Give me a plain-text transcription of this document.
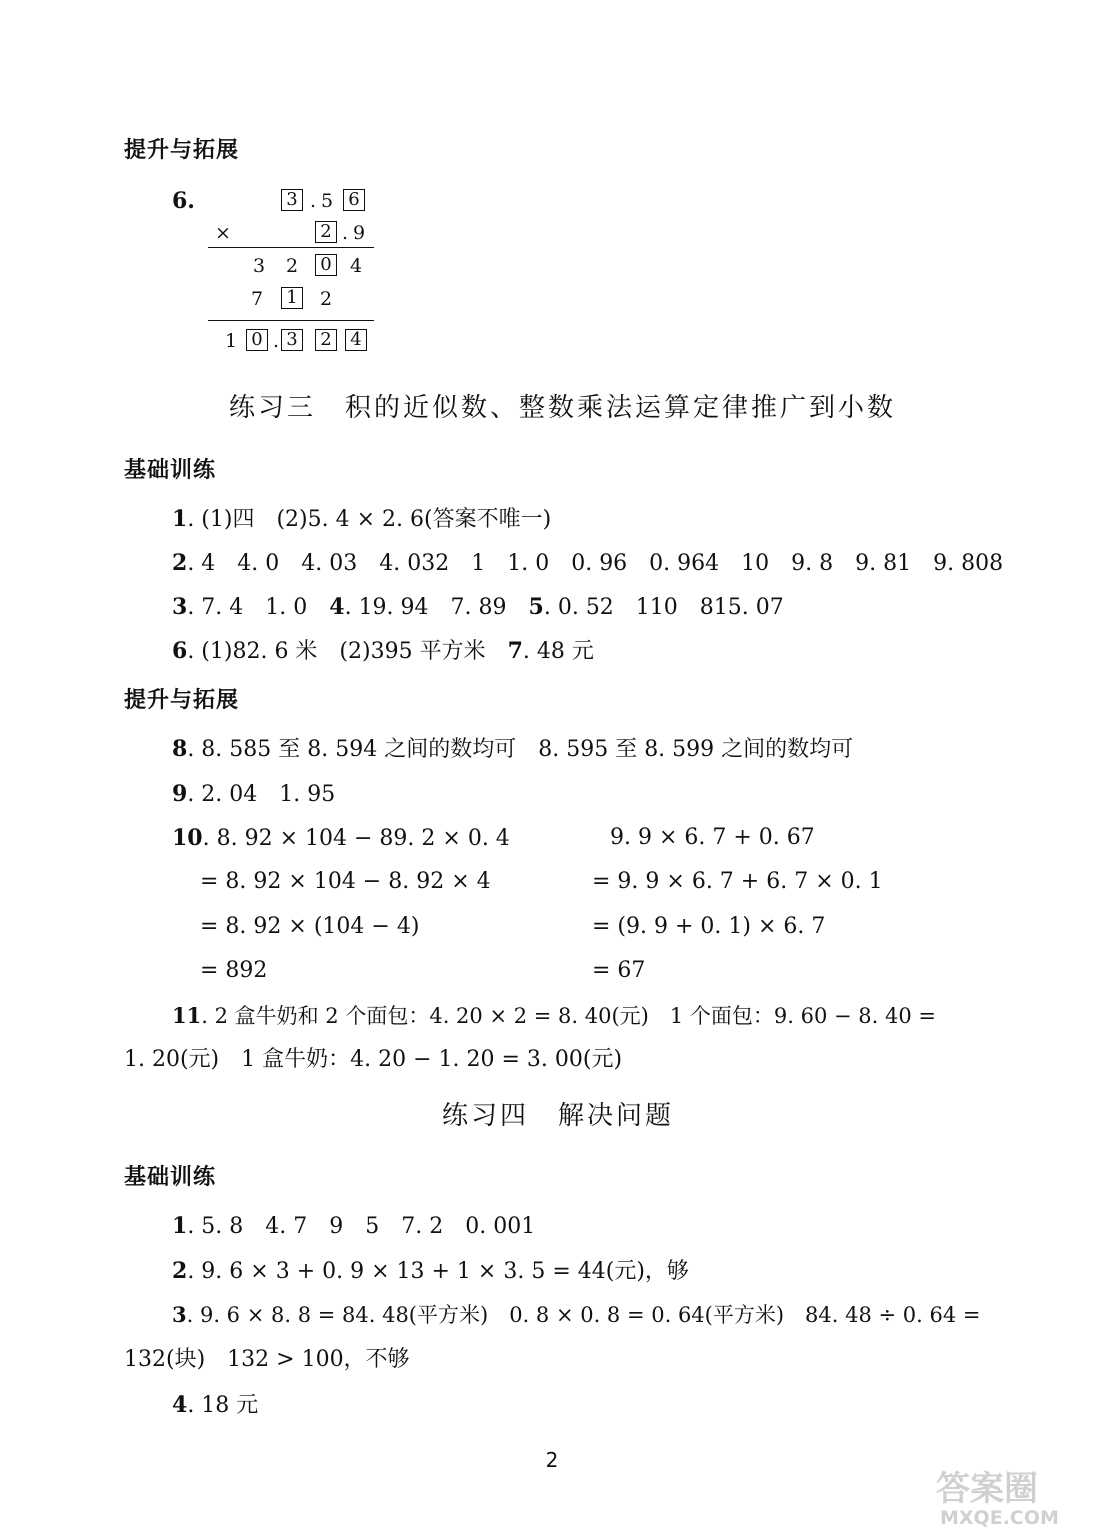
提升与拓展
6.	3 . 5 6
×	2 . 9
3 2 0 4
7 1 2
1 0 . 3 2 4
练习三　积的近似数、整数乘法运算定律推广到小数
基础训练
1. (1)四　(2)5. 4 × 2. 6(答案不唯一)
2. 4　4. 0　4. 03　4. 032　1　1. 0　0. 96　0. 964　10　9. 8　9. 81　9. 808
3. 7. 4　1. 0　4. 19. 94　7. 89　5. 0. 52　110　815. 07
6. (1)82. 6 米　(2)395 平方米　7. 48 元
提升与拓展
8. 8. 585 至 8. 594 之间的数均可　8. 595 至 8. 599 之间的数均可
9. 2. 04　1. 95
10. 8. 92 × 104 − 89. 2 × 0. 4
= 8. 92 × 104 − 8. 92 × 4
= 8. 92 × (104 − 4)
= 892
9. 9 × 6. 7 + 0. 67
= 9. 9 × 6. 7 + 6. 7 × 0. 1
= (9. 9 + 0. 1) × 6. 7
= 67
11. 2 盒牛奶和 2 个面包：4. 20 × 2 = 8. 40(元)　1 个面包：9. 60 − 8. 40 =
1. 20(元)　1 盒牛奶：4. 20 − 1. 20 = 3. 00(元)
练习四　解决问题
基础训练
1. 5. 8　4. 7　9　5　7. 2　0. 001
2. 9. 6 × 3 + 0. 9 × 13 + 1 × 3. 5 = 44(元)，够
3. 9. 6 × 8. 8 = 84. 48(平方米)　0. 8 × 0. 8 = 0. 64(平方米)　84. 48 ÷ 0. 64 =
132(块)　132 > 100，不够
4. 18 元
2
答案圈
MXQE.COM
